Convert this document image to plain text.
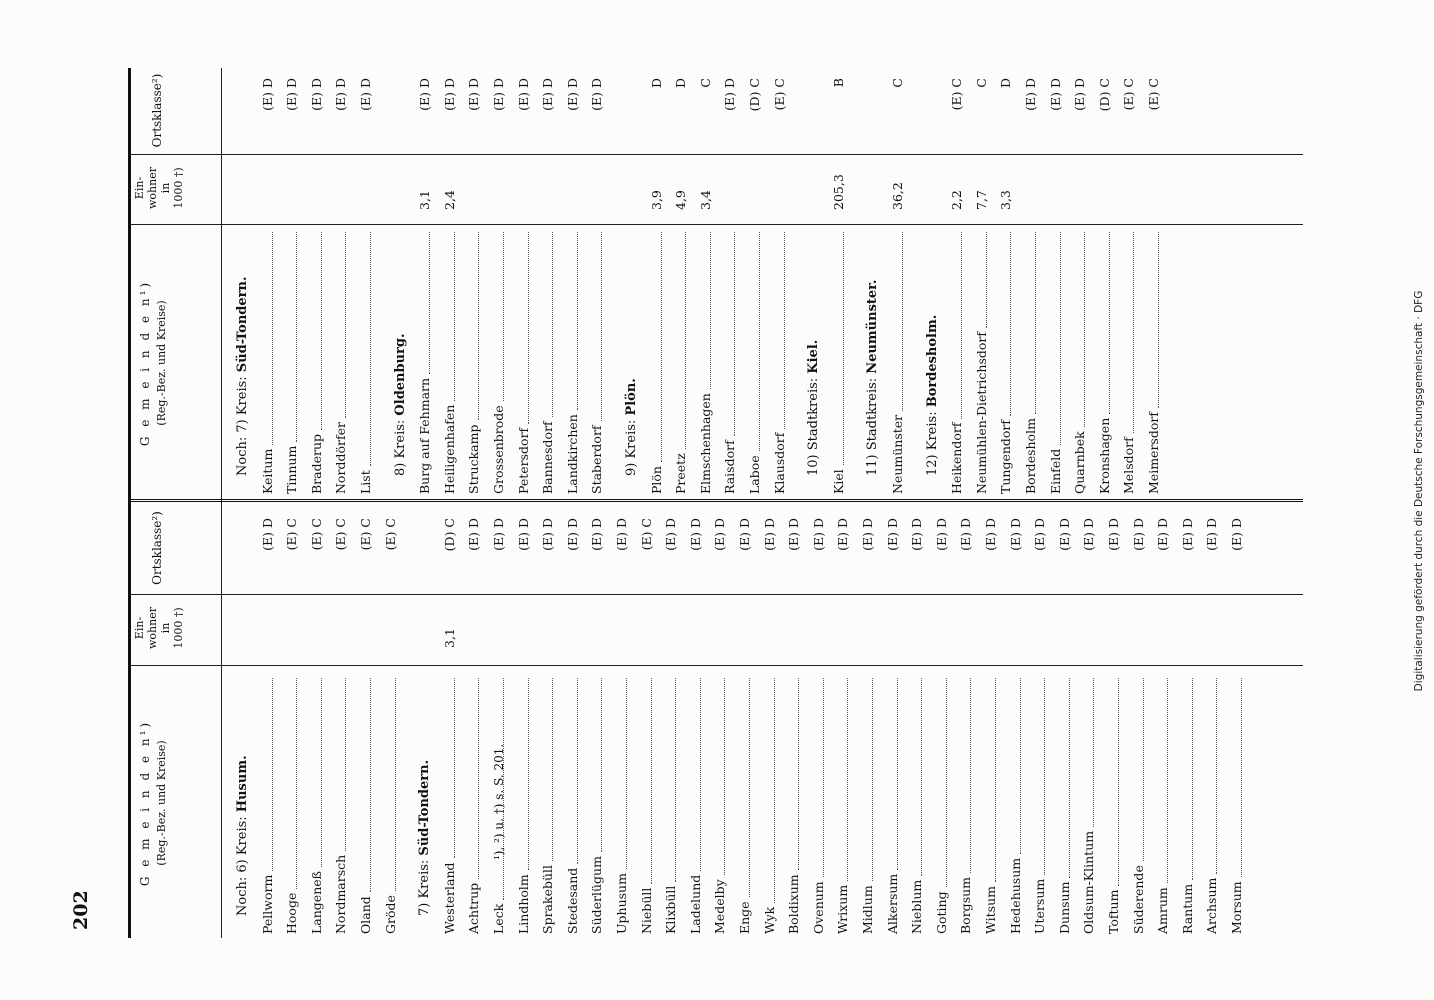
202
Digitalisierung gefördert durch die Deutsche Forschungsgemeinschaft · DFG
G e m e i n d e n¹) (Reg.-Bez. und Kreise)
Ein- wohner in 1000 †)
Ortsklasse²)
G e m e i n d e n¹) (Reg.-Bez. und Kreise)
Ein- wohner in 1000 †)
Ortsklasse²)
Noch: 6) Kreis: Husum.
Pellworm
(E) D
Hooge
(E) C
Langeneß
(E) C
Nordmarsch
(E) C
Oland
(E) C
Gröde
(E) C
7) Kreis: Süd-Tondern.
Westerland
3,1
(D) C
Achtrup
(E) D
Leck
(E) D
Lindholm
(E) D
Sprakebüll
(E) D
Stedesand
(E) D
Süderlügum
(E) D
Uphusum
(E) D
Niebüll
(E) C
Klixbüll
(E) D
Ladelund
(E) D
Medelby
(E) D
Enge
(E) D
Wyk
(E) D
Boldixum
(E) D
Ovenum
(E) D
Wrixum
(E) D
Midlum
(E) D
Alkersum
(E) D
Nieblum
(E) D
Goting
(E) D
Borgsum
(E) D
Witsum
(E) D
Hedehusum
(E) D
Utersum
(E) D
Dunsum
(E) D
Oldsum-Klintum
(E) D
Toftum
(E) D
Süderende
(E) D
Amrum
(E) D
Rantum
(E) D
Archsum
(E) D
Morsum
(E) D
Noch: 7) Kreis: Süd-Tondern.
Keitum
(E) D
Tinnum
(E) D
Braderup
(E) D
Norddörfer
(E) D
List
(E) D
8) Kreis: Oldenburg.
Burg auf Fehmarn
3,1
(E) D
Heiligenhafen
2,4
(E) D
Struckamp
(E) D
Grossenbrode
(E) D
Petersdorf
(E) D
Bannesdorf
(E) D
Landkirchen
(E) D
Staberdorf
(E) D
9) Kreis: Plön.
Plön
3,9
D
Preetz
4,9
D
Elmschenhagen
3,4
C
Raisdorf
(E) D
Laboe
(D) C
Klausdorf
(E) C
10) Stadtkreis: Kiel.
Kiel
205,3
B
11) Stadtkreis: Neumünster.
Neumünster
36,2
C
12) Kreis: Bordesholm.
Heikendorf
2,2
(E) C
Neumühlen-Dietrichsdorf
7,7
C
Tungendorf
3,3
D
Bordesholm
(E) D
Einfeld
(E) D
Quarnbek
(E) D
Kronshagen
(D) C
Melsdorf
(E) C
Meimersdorf
(E) C
¹), ²) u. †) s. S. 201.
